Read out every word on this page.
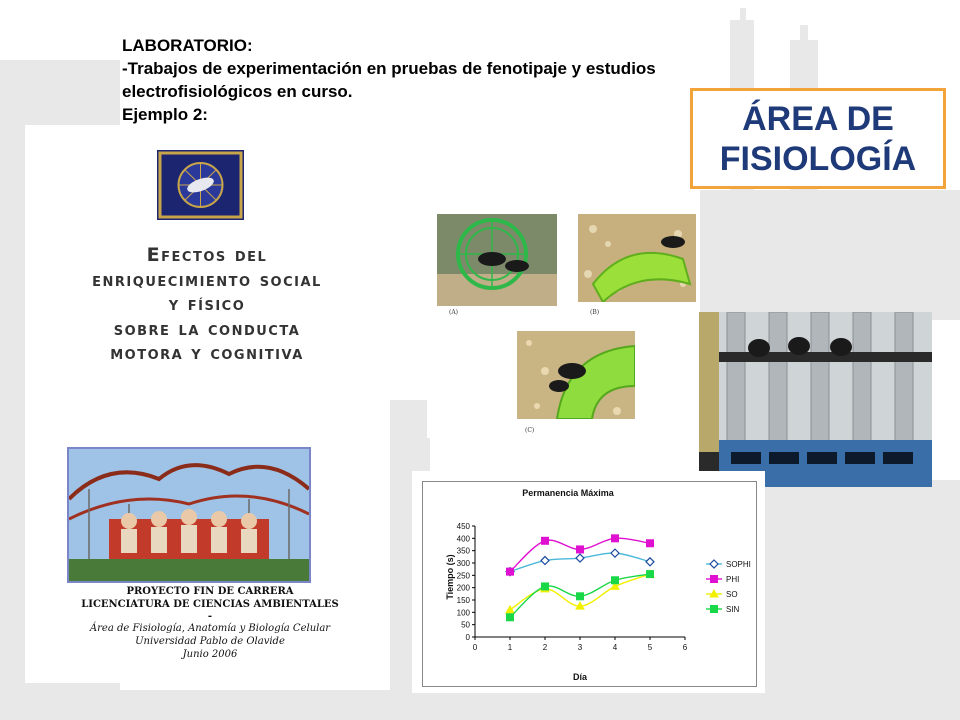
LABORATORIO:
-Trabajos de experimentación en pruebas de fenotipaje y estudios
electrofisiológicos en curso.
Ejemplo 2:	ÁREA DE
FISIOLOGÍA
Efectos del
enriquecimiento social
y físico
sobre la conducta
motora y cognitiva
PROYECTO FIN DE CARRERA
LICENCIATURA DE CIENCIAS AMBIENTALES
-
Área de Fisiología, Anatomía y Biología Celular
Universidad Pablo de Olavide
Junio 2006
(A)	(B)
(C)
Permanencia Máxima
Día
Tiempo (s)
0
50
100
150
200
250
300
350
400
450
0	1	2	3	4	5	6
SOPHI
PHI
SO
SIN
